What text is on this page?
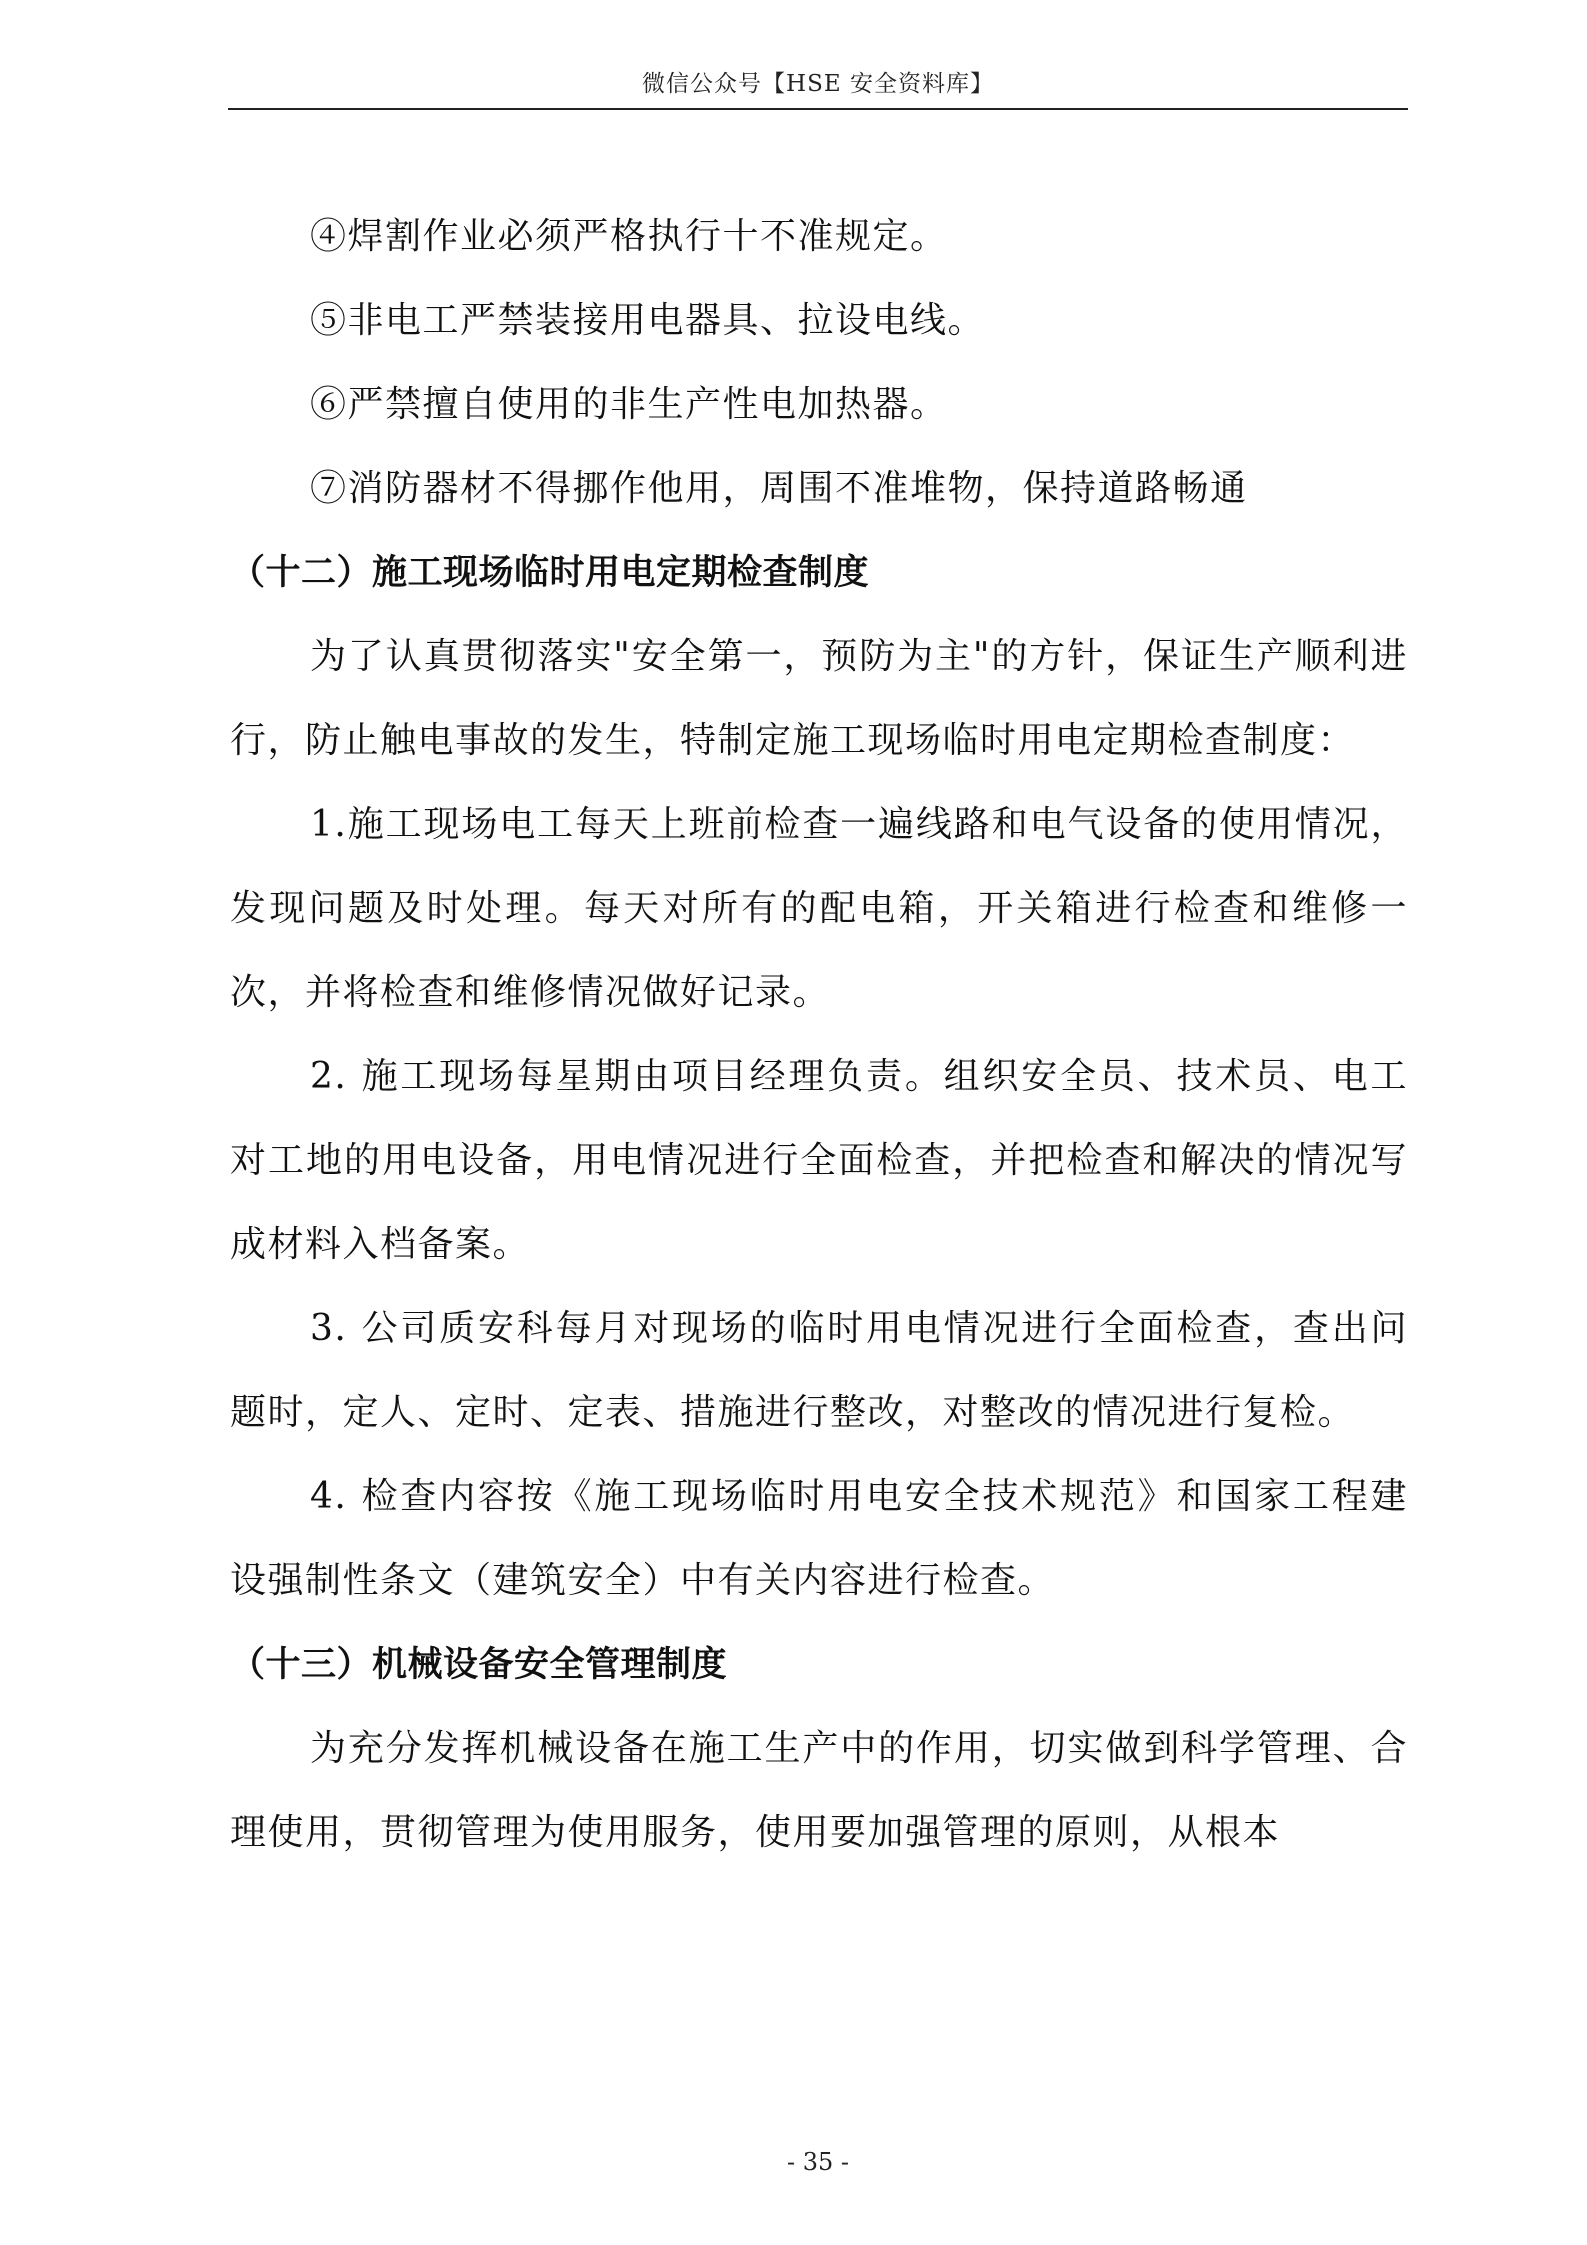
微信公众号【HSE 安全资料库】

④焊割作业必须严格执行十不准规定。

⑤非电工严禁装接用电器具、拉设电线。

⑥严禁擅自使用的非生产性电加热器。

⑦消防器材不得挪作他用，周围不准堆物，保持道路畅通

（十二）施工现场临时用电定期检查制度

为了认真贯彻落实"安全第一，预防为主"的方针，保证生产顺利进行，防止触电事故的发生，特制定施工现场临时用电定期检查制度：

1.施工现场电工每天上班前检查一遍线路和电气设备的使用情况，发现问题及时处理。每天对所有的配电箱，开关箱进行检查和维修一次，并将检查和维修情况做好记录。

2. 施工现场每星期由项目经理负责。组织安全员、技术员、电工对工地的用电设备，用电情况进行全面检查，并把检查和解决的情况写成材料入档备案。

3. 公司质安科每月对现场的临时用电情况进行全面检查，查出问题时，定人、定时、定表、措施进行整改，对整改的情况进行复检。

4. 检查内容按《施工现场临时用电安全技术规范》和国家工程建设强制性条文（建筑安全）中有关内容进行检查。

（十三）机械设备安全管理制度

为充分发挥机械设备在施工生产中的作用，切实做到科学管理、合理使用，贯彻管理为使用服务，使用要加强管理的原则，从根本

- 35 -
